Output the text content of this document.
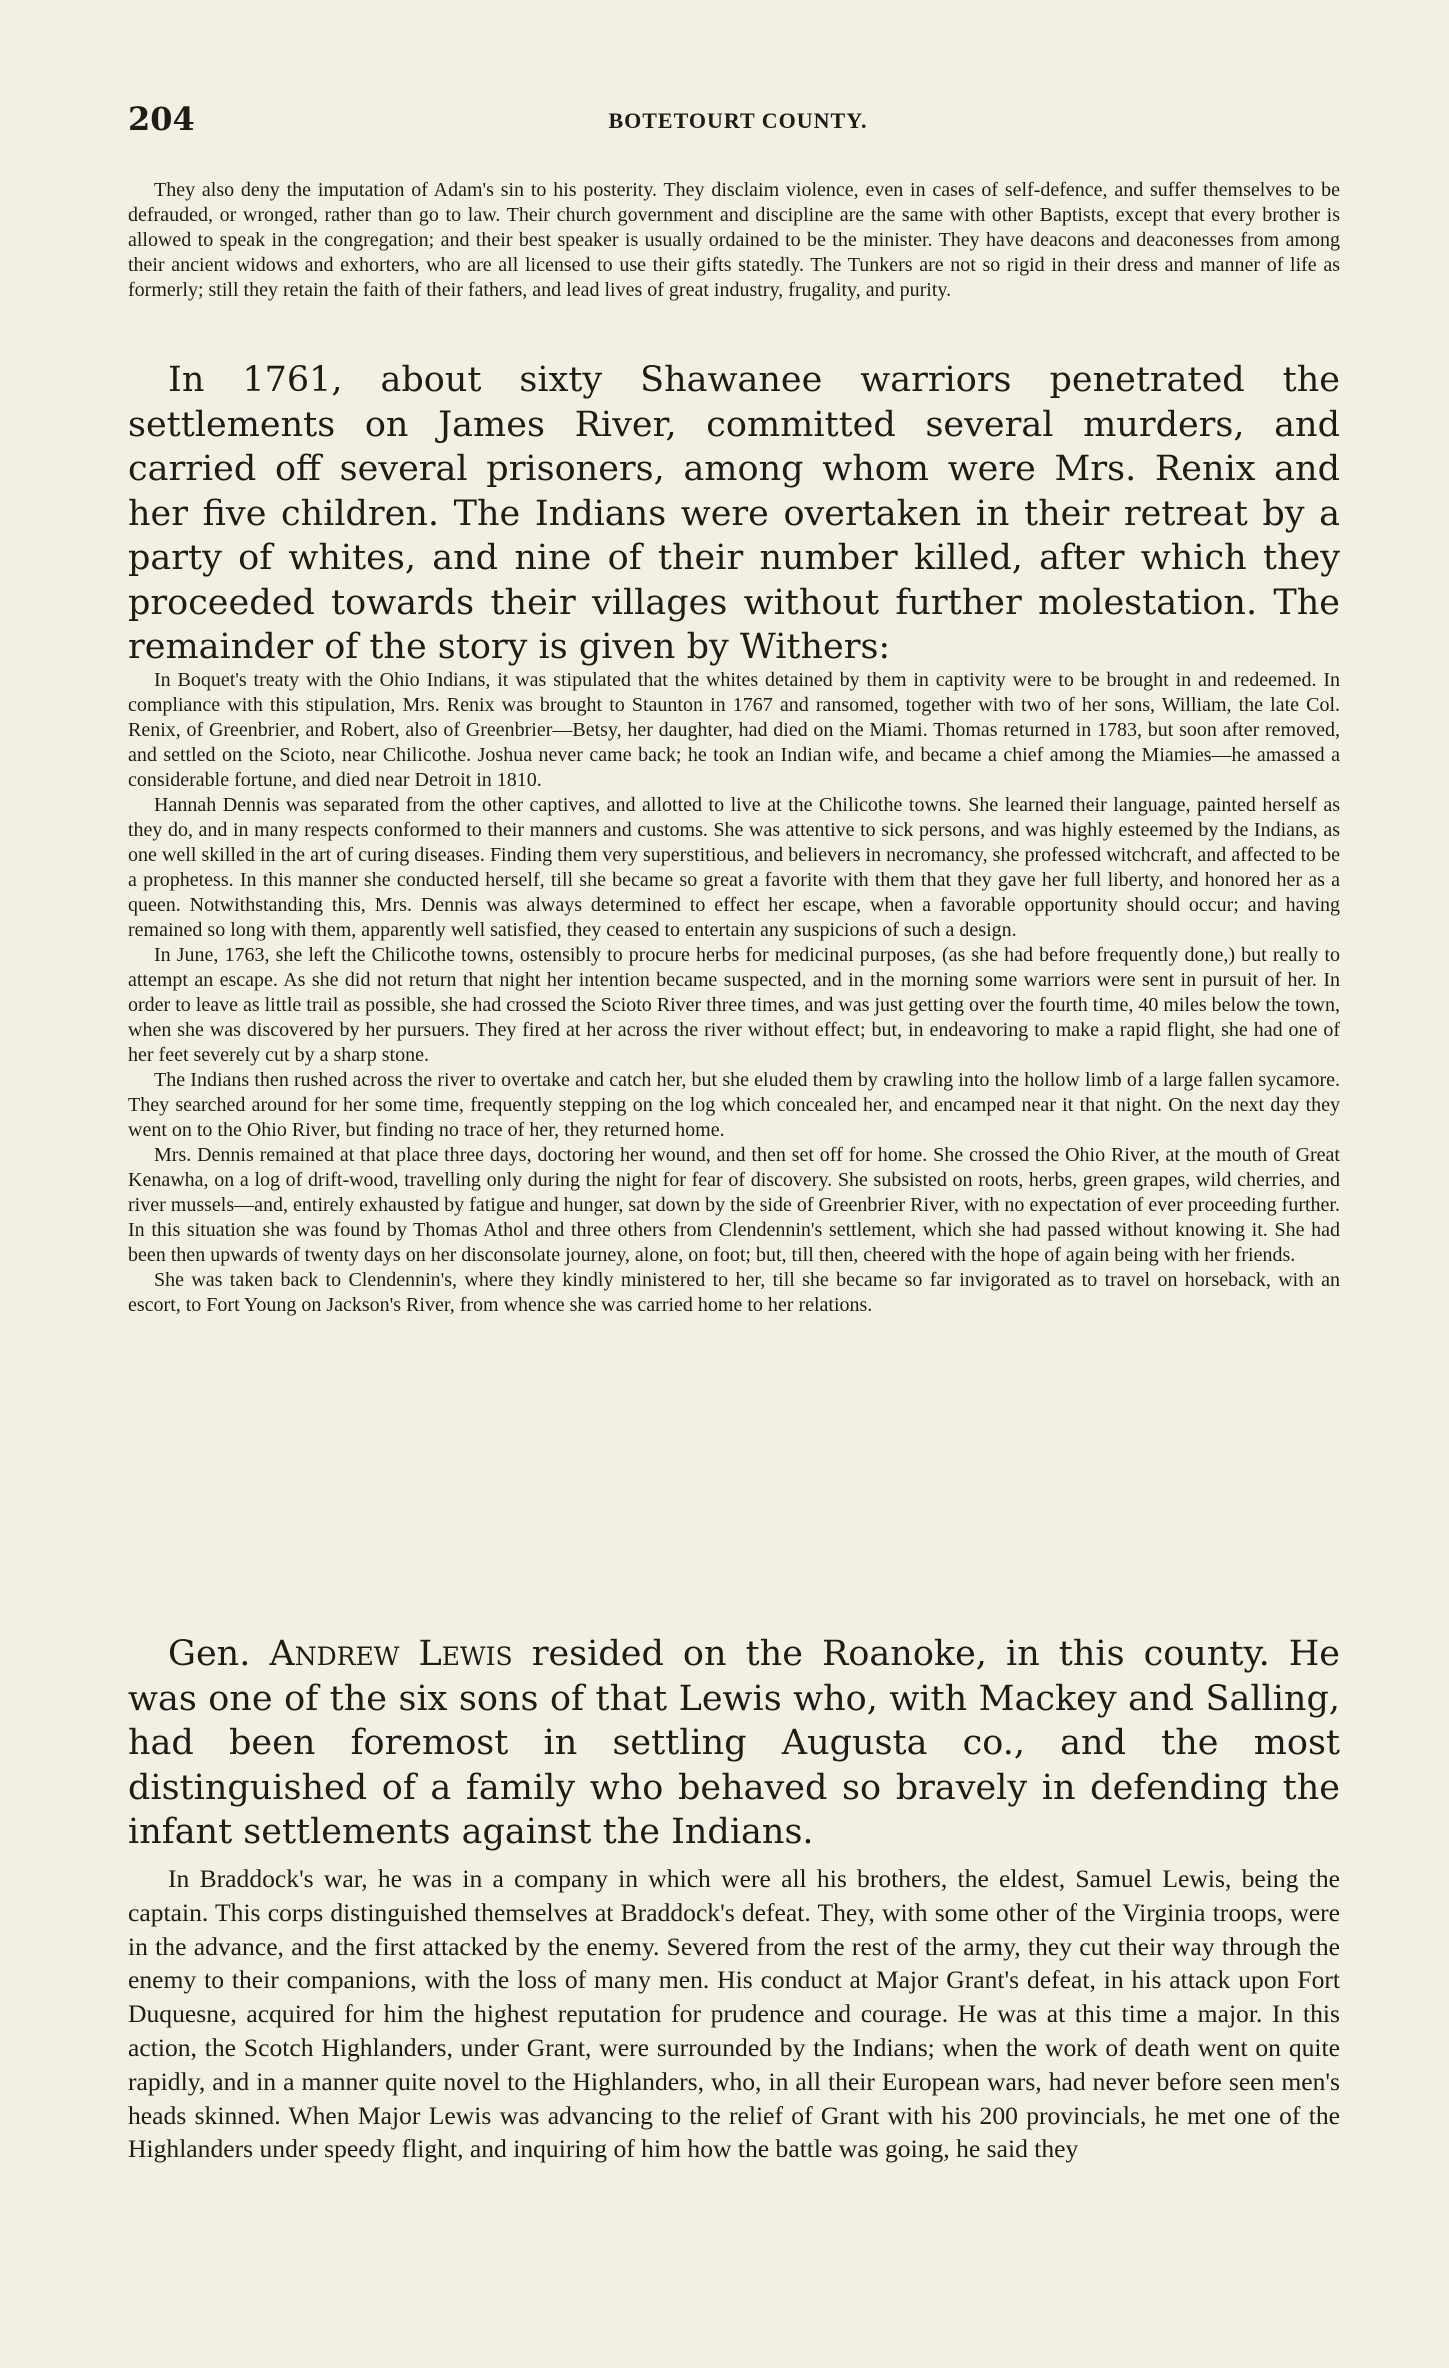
204	BOTETOURT COUNTY.

They also deny the imputation of Adam's sin to his posterity. They disclaim violence, even in cases of self-defence, and suffer themselves to be defrauded, or wronged, rather than go to law. Their church government and discipline are the same with other Baptists, except that every brother is allowed to speak in the congregation; and their best speaker is usually ordained to be the minister. They have deacons and deaconesses from among their ancient widows and exhorters, who are all licensed to use their gifts statedly. The Tunkers are not so rigid in their dress and manner of life as formerly; still they retain the faith of their fathers, and lead lives of great industry, frugality, and purity.

In 1761, about sixty Shawanee warriors penetrated the settlements on James River, committed several murders, and carried off several prisoners, among whom were Mrs. Renix and her five children. The Indians were overtaken in their retreat by a party of whites, and nine of their number killed, after which they proceeded towards their villages without further molestation. The remainder of the story is given by Withers:

In Boquet's treaty with the Ohio Indians, it was stipulated that the whites detained by them in captivity were to be brought in and redeemed. In compliance with this stipulation, Mrs. Renix was brought to Staunton in 1767 and ransomed, together with two of her sons, William, the late Col. Renix, of Greenbrier, and Robert, also of Greenbrier—Betsy, her daughter, had died on the Miami. Thomas returned in 1783, but soon after removed, and settled on the Scioto, near Chilicothe. Joshua never came back; he took an Indian wife, and became a chief among the Miamies—he amassed a considerable fortune, and died near Detroit in 1810.

Hannah Dennis was separated from the other captives, and allotted to live at the Chilicothe towns. She learned their language, painted herself as they do, and in many respects conformed to their manners and customs. She was attentive to sick persons, and was highly esteemed by the Indians, as one well skilled in the art of curing diseases. Finding them very superstitious, and believers in necromancy, she professed witchcraft, and affected to be a prophetess. In this manner she conducted herself, till she became so great a favorite with them that they gave her full liberty, and honored her as a queen. Notwithstanding this, Mrs. Dennis was always determined to effect her escape, when a favorable opportunity should occur; and having remained so long with them, apparently well satisfied, they ceased to entertain any suspicions of such a design.

In June, 1763, she left the Chilicothe towns, ostensibly to procure herbs for medicinal purposes, (as she had before frequently done,) but really to attempt an escape. As she did not return that night her intention became suspected, and in the morning some warriors were sent in pursuit of her. In order to leave as little trail as possible, she had crossed the Scioto River three times, and was just getting over the fourth time, 40 miles below the town, when she was discovered by her pursuers. They fired at her across the river without effect; but, in endeavoring to make a rapid flight, she had one of her feet severely cut by a sharp stone.

The Indians then rushed across the river to overtake and catch her, but she eluded them by crawling into the hollow limb of a large fallen sycamore. They searched around for her some time, frequently stepping on the log which concealed her, and encamped near it that night. On the next day they went on to the Ohio River, but finding no trace of her, they returned home.

Mrs. Dennis remained at that place three days, doctoring her wound, and then set off for home. She crossed the Ohio River, at the mouth of Great Kenawha, on a log of drift-wood, travelling only during the night for fear of discovery. She subsisted on roots, herbs, green grapes, wild cherries, and river mussels—and, entirely exhausted by fatigue and hunger, sat down by the side of Greenbrier River, with no expectation of ever proceeding further. In this situation she was found by Thomas Athol and three others from Clendennin's settlement, which she had passed without knowing it. She had been then upwards of twenty days on her disconsolate journey, alone, on foot; but, till then, cheered with the hope of again being with her friends.

She was taken back to Clendennin's, where they kindly ministered to her, till she became so far invigorated as to travel on horseback, with an escort, to Fort Young on Jackson's River, from whence she was carried home to her relations.

Gen. Andrew Lewis resided on the Roanoke, in this county. He was one of the six sons of that Lewis who, with Mackey and Salling, had been foremost in settling Augusta co., and the most distinguished of a family who behaved so bravely in defending the infant settlements against the Indians.

In Braddock's war, he was in a company in which were all his brothers, the eldest, Samuel Lewis, being the captain. This corps distinguished themselves at Braddock's defeat. They, with some other of the Virginia troops, were in the advance, and the first attacked by the enemy. Severed from the rest of the army, they cut their way through the enemy to their companions, with the loss of many men. His conduct at Major Grant's defeat, in his attack upon Fort Duquesne, acquired for him the highest reputation for prudence and courage. He was at this time a major. In this action, the Scotch Highlanders, under Grant, were surrounded by the Indians; when the work of death went on quite rapidly, and in a manner quite novel to the Highlanders, who, in all their European wars, had never before seen men's heads skinned. When Major Lewis was advancing to the relief of Grant with his 200 provincials, he met one of the Highlanders under speedy flight, and inquiring of him how the battle was going, he said they
